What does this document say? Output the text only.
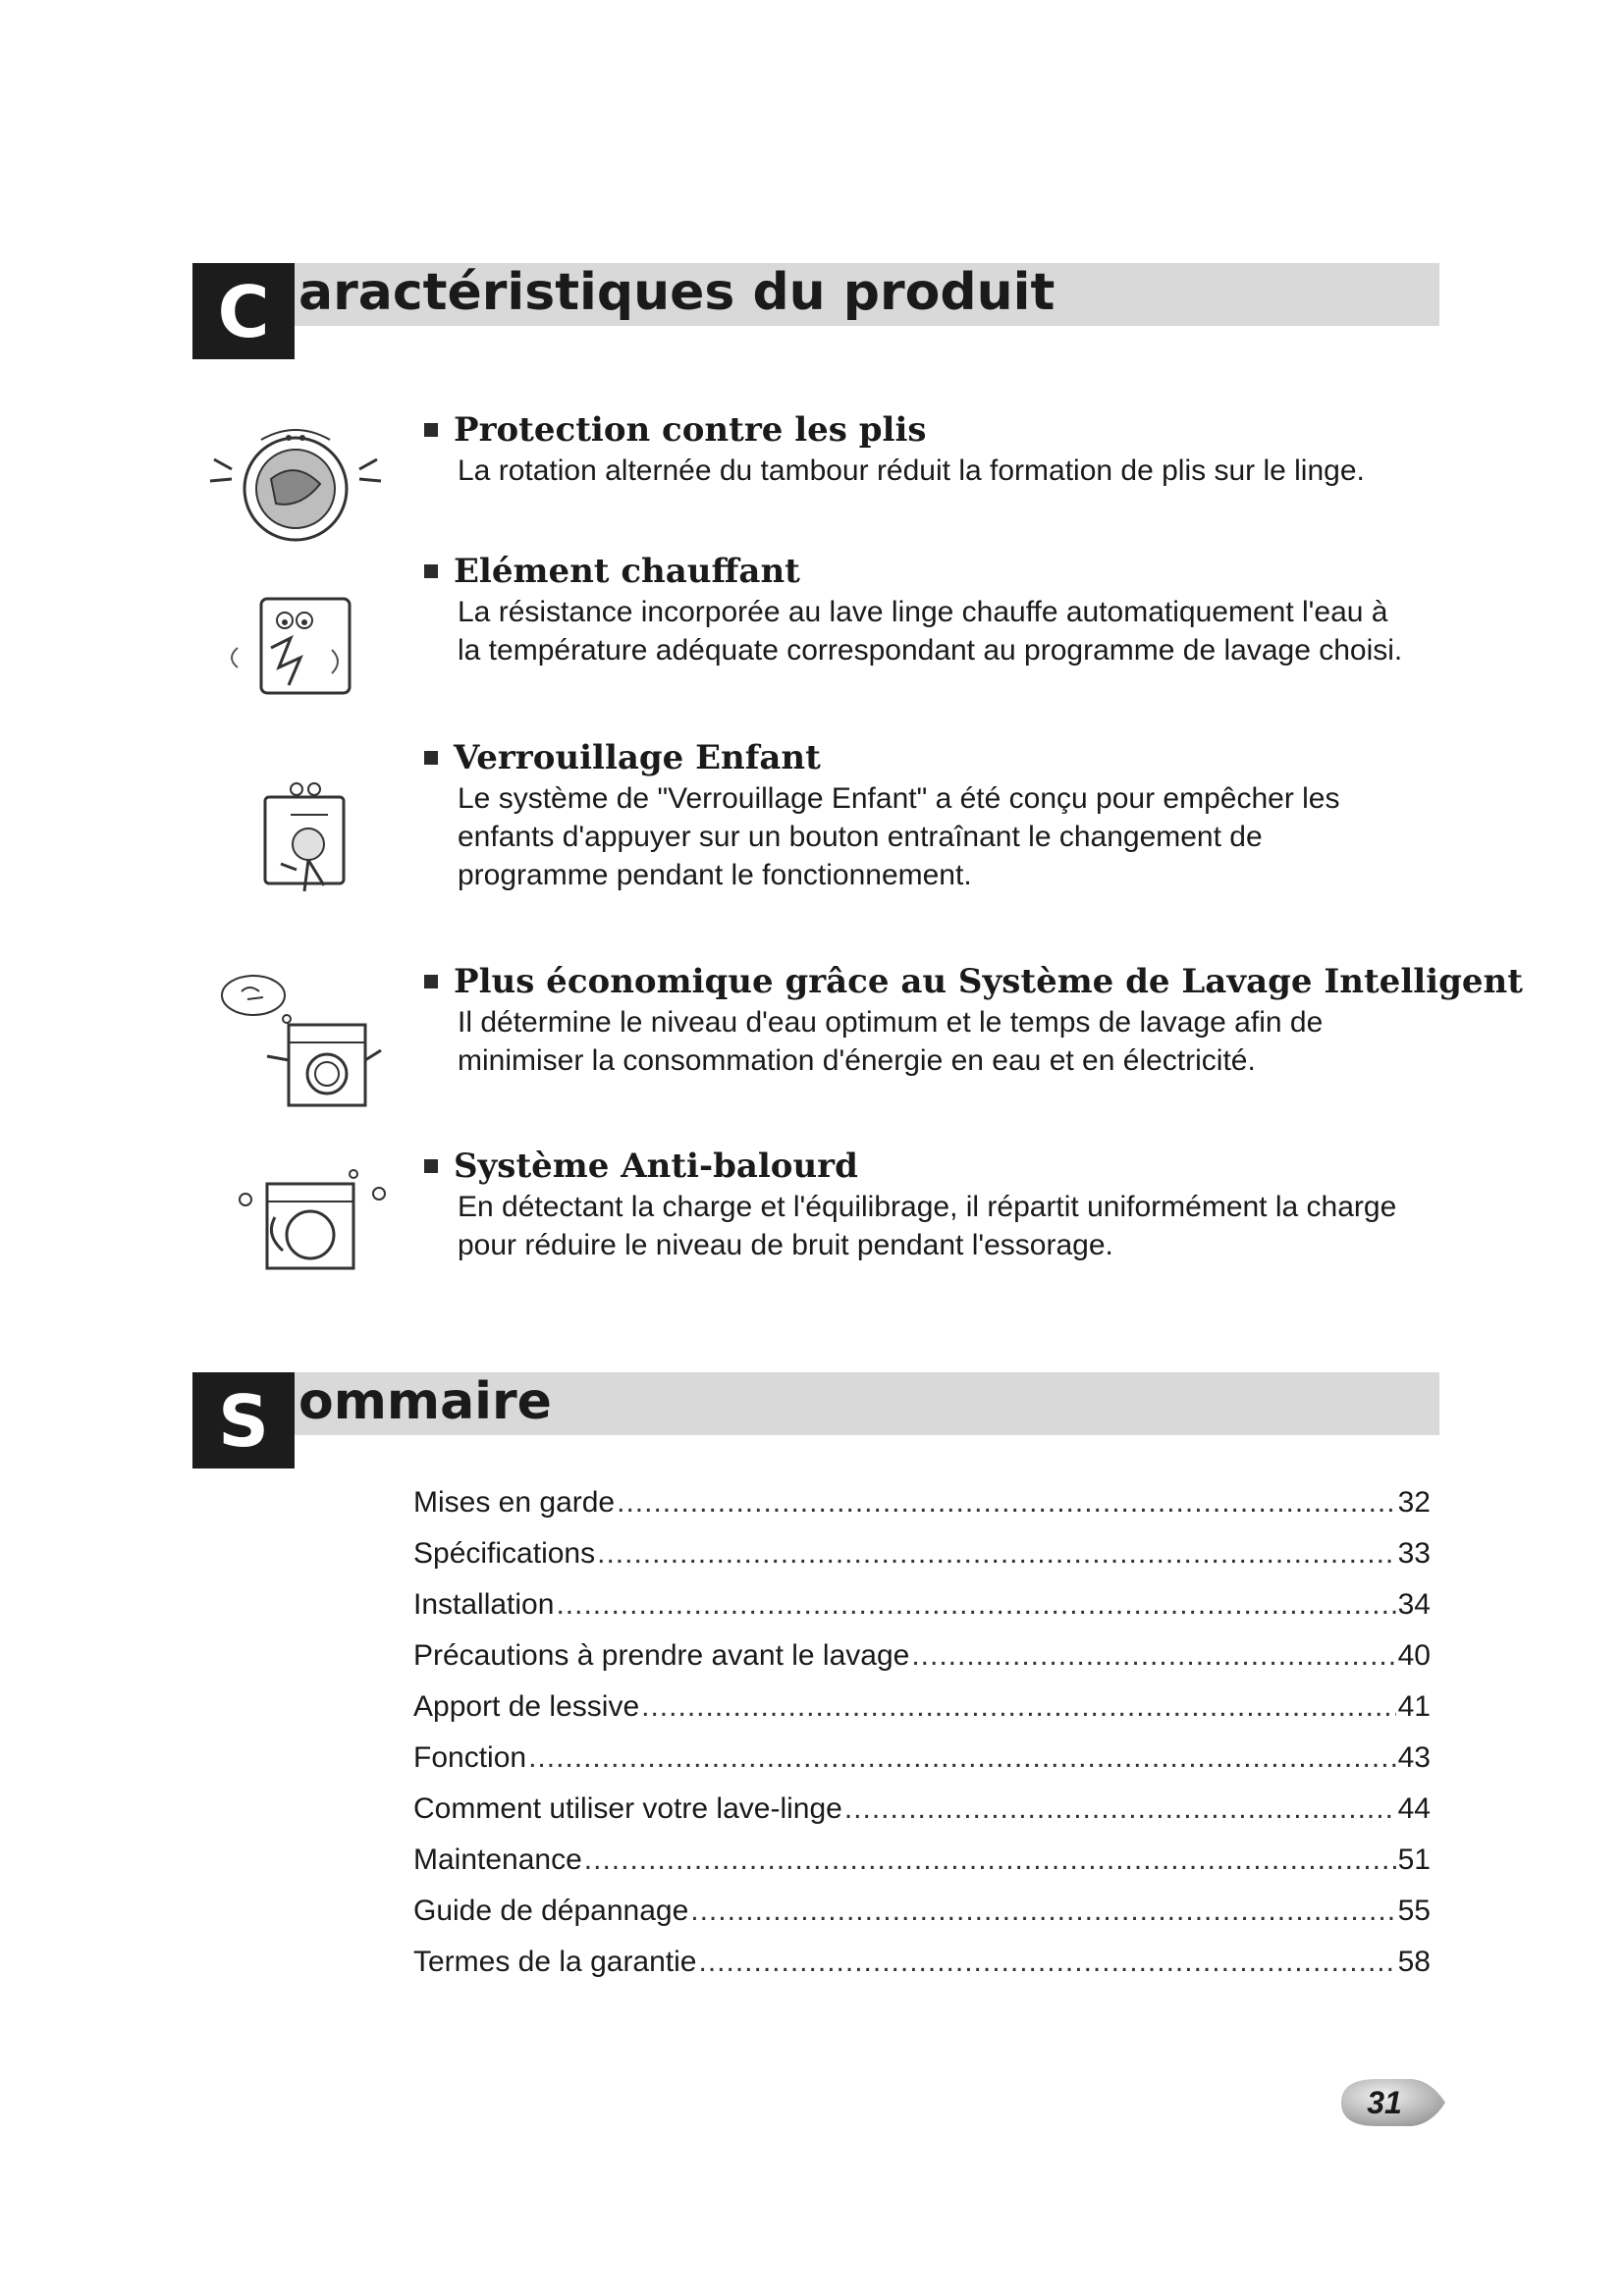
C aractéristiques du produit
Protection contre les plis
La rotation alternée du tambour réduit la formation de plis sur le linge.
Elément chauffant
La résistance incorporée au lave linge chauffe automatiquement l'eau à
la température adéquate correspondant au programme de lavage choisi.
Verrouillage Enfant
Le système de "Verrouillage Enfant" a été conçu pour empêcher les
enfants d'appuyer sur un bouton entraînant le changement de
programme pendant le fonctionnement.
Plus économique grâce au Système de Lavage Intelligent
Il détermine le niveau d'eau optimum et le temps de lavage afin de
minimiser la consommation d'énergie en eau et en électricité.
Système Anti-balourd
En détectant la charge et l'équilibrage, il répartit uniformément la charge
pour réduire le niveau de bruit pendant l'essorage.
S ommaire
Mises en garde .....	32
Spécifications .....	33
Installation .....	34
Précautions à prendre avant le lavage .....	40
Apport de lessive .....	41
Fonction .....	43
Comment utiliser votre lave-linge .....	44
Maintenance .....	51
Guide de dépannage .....	55
Termes de la garantie .....	58
31
